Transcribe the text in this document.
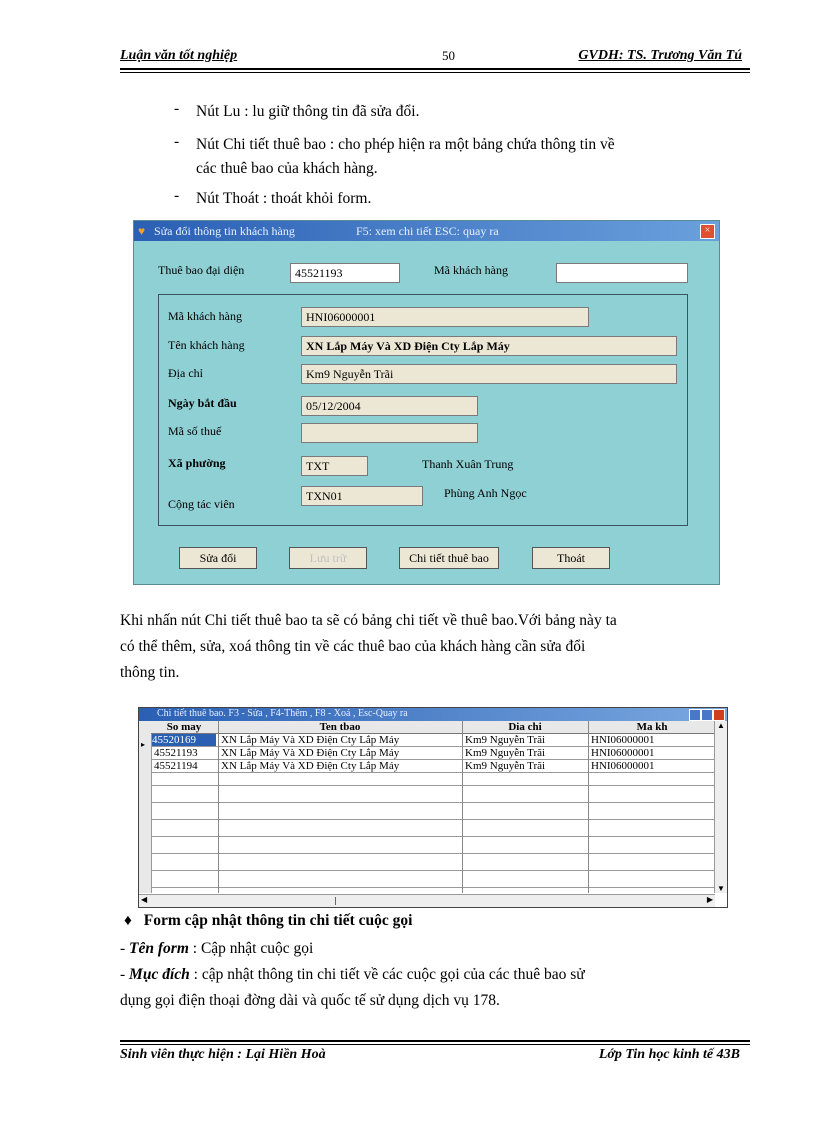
Luận văn tốt nghiệp	50	GVDH: TS. Trương Văn Tú
- Nút Lu : lu giữ thông tin đã sửa đổi.
- Nút Chi tiết thuê bao : cho phép hiện ra một bảng chứa thông tin về
các thuê bao của khách hàng.
- Nút Thoát : thoát khỏi form.
♥ Sửa đổi thông tin khách hàng	F5: xem chi tiết ESC: quay ra	×
Thuê bao đại diện	45521193	Mã khách hàng
Mã khách hàng	HNI06000001
Tên khách hàng	XN Lắp Máy Và XD Điện Cty Lắp Máy
Địa chỉ	Km9 Nguyễn Trãi
Ngày bắt đầu	05/12/2004
Mã số thuế
Xã phường	TXT	Thanh Xuân Trung
Cộng tác viên
TXN01	Phùng Anh Ngọc
Sửa đổi	Lưu trữ	Chi tiết thuê bao	Thoát
Khi nhấn nút Chi tiết thuê bao ta sẽ có bảng chi tiết về thuê bao.Với bảng này ta
có thể thêm, sửa, xoá thông tin về các thuê bao của khách hàng cần sửa đổi
thông tin.
Chi tiết thuê bao. F3 - Sửa , F4-Thêm , F8 - Xoá , Esc-Quay ra
▸
So may	Ten tbao	Dia chi	Ma kh
45520169	XN Lắp Máy Và XD Điện Cty Lắp Máy	Km9 Nguyễn Trãi	HNI06000001
45521193 XN Lắp Máy Và XD Điện Cty Lắp Máy	Km9 Nguyễn Trãi	HNI06000001
45521194 XN Lắp Máy Và XD Điện Cty Lắp Máy	Km9 Nguyễn Trãi	HNI06000001
▲
▼
◀	▶
♦ Form cập nhật thông tin chi tiết cuộc gọi
- Tên form : Cập nhật cuộc gọi
- Mục đích : cập nhật thông tin chi tiết về các cuộc gọi của các thuê bao sử
dụng gọi điện thoại đờng dài và quốc tế sử dụng dịch vụ 178.
Sinh viên thực hiện : Lại Hiền Hoà	Lớp Tin học kinh tế 43B
